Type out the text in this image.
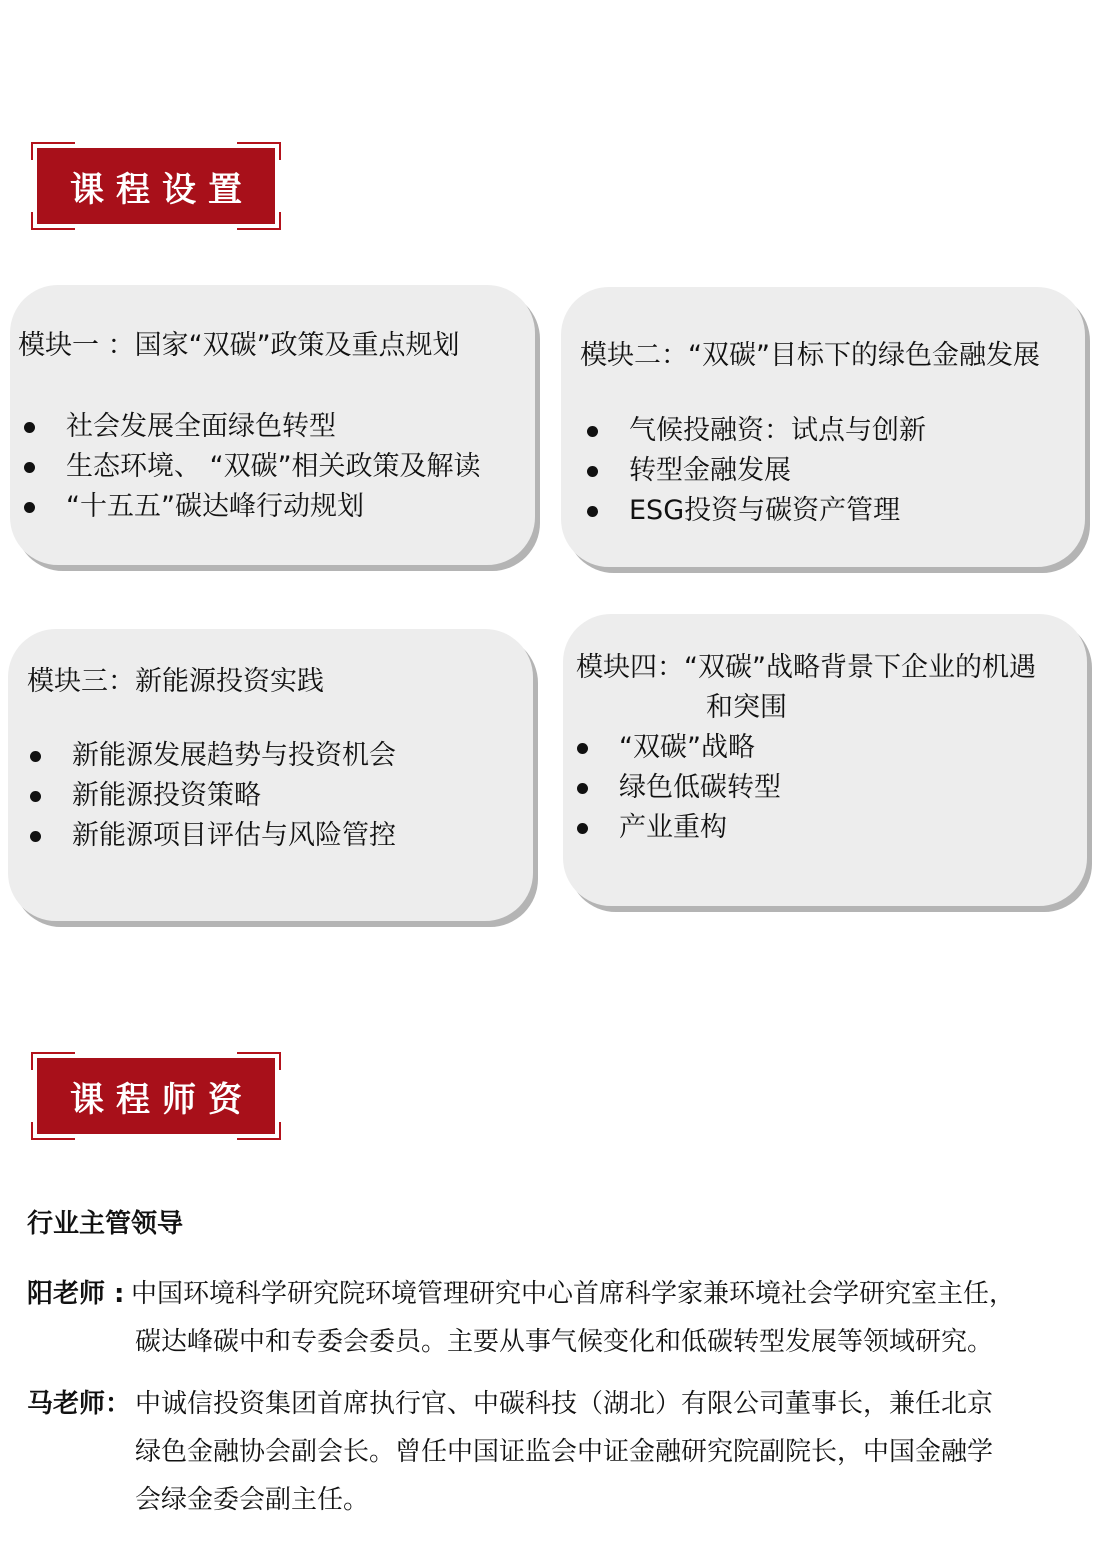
课程设置
模块一 ：国家“双碳”政策及重点规划
社会发展全面绿色转型
生态环境、 “双碳”相关政策及解读
“十五五”碳达峰行动规划
模块二：“双碳”目标下的绿色金融发展
气候投融资：试点与创新
转型金融发展
ESG投资与碳资产管理
模块三：新能源投资实践
新能源发展趋势与投资机会
新能源投资策略
新能源项目评估与风险管控
模块四：“双碳”战略背景下企业的机遇
和突围
“双碳”战略
绿色低碳转型
产业重构
课程师资
行业主管领导
阳老师 : 中国环境科学研究院环境管理研究中心首席科学家兼环境社会学研究室主任，
碳达峰碳中和专委会委员。主要从事气候变化和低碳转型发展等领域研究。
马老师： 中诚信投资集团首席执行官、中碳科技（湖北）有限公司董事长，兼任北京
绿色金融协会副会长。曾任中国证监会中证金融研究院副院长，中国金融学
会绿金委会副主任。
